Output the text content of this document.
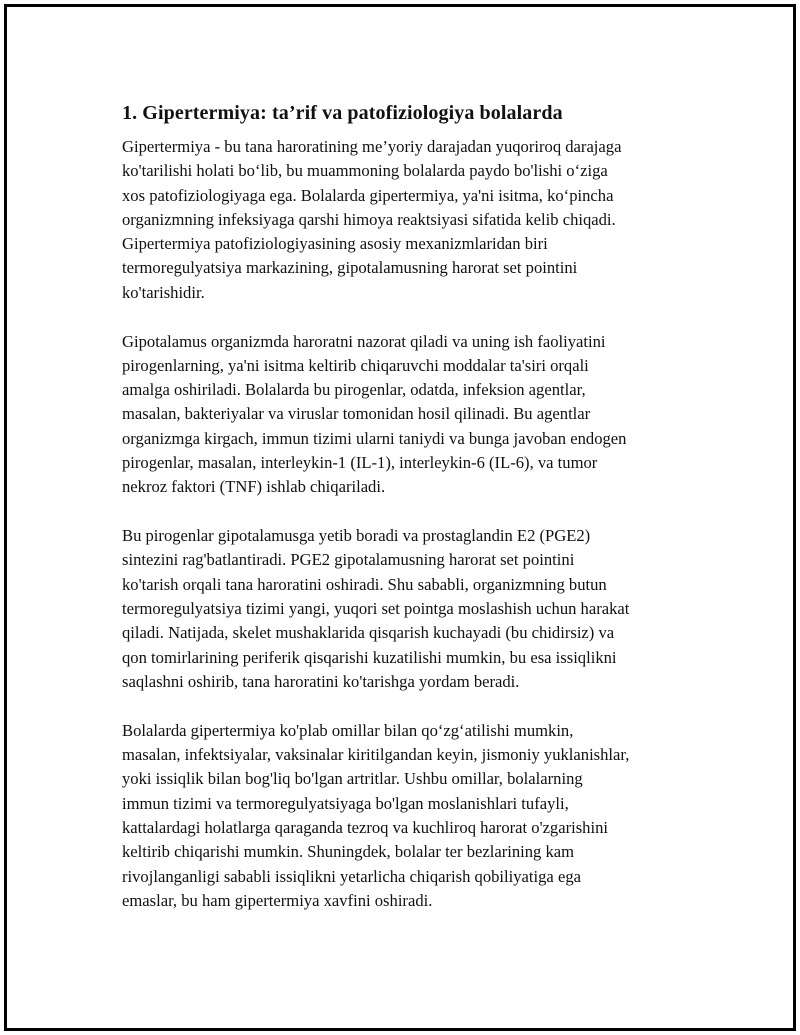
1. Gipertermiya: ta’rif va patofiziologiya bolalarda
Gipertermiya - bu tana haroratining me’yoriy darajadan yuqoriroq darajaga
ko'tarilishi holati bo‘lib, bu muammoning bolalarda paydo bo'lishi o‘ziga
xos patofiziologiyaga ega. Bolalarda gipertermiya, ya'ni isitma, ko‘pincha
organizmning infeksiyaga qarshi himoya reaktsiyasi sifatida kelib chiqadi.
Gipertermiya patofiziologiyasining asosiy mexanizmlaridan biri
termoregulyatsiya markazining, gipotalamusning harorat set pointini
ko'tarishidir.
Gipotalamus organizmda haroratni nazorat qiladi va uning ish faoliyatini
pirogenlarning, ya'ni isitma keltirib chiqaruvchi moddalar ta'siri orqali
amalga oshiriladi. Bolalarda bu pirogenlar, odatda, infeksion agentlar,
masalan, bakteriyalar va viruslar tomonidan hosil qilinadi. Bu agentlar
organizmga kirgach, immun tizimi ularni taniydi va bunga javoban endogen
pirogenlar, masalan, interleykin-1 (IL-1), interleykin-6 (IL-6), va tumor
nekroz faktori (TNF) ishlab chiqariladi.
Bu pirogenlar gipotalamusga yetib boradi va prostaglandin E2 (PGE2)
sintezini rag'batlantiradi. PGE2 gipotalamusning harorat set pointini
ko'tarish orqali tana haroratini oshiradi. Shu sababli, organizmning butun
termoregulyatsiya tizimi yangi, yuqori set pointga moslashish uchun harakat
qiladi. Natijada, skelet mushaklarida qisqarish kuchayadi (bu chidirsiz) va
qon tomirlarining periferik qisqarishi kuzatilishi mumkin, bu esa issiqlikni
saqlashni oshirib, tana haroratini ko'tarishga yordam beradi.
Bolalarda gipertermiya ko'plab omillar bilan qo‘zg‘atilishi mumkin,
masalan, infektsiyalar, vaksinalar kiritilgandan keyin, jismoniy yuklanishlar,
yoki issiqlik bilan bog'liq bo'lgan artritlar. Ushbu omillar, bolalarning
immun tizimi va termoregulyatsiyaga bo'lgan moslanishlari tufayli,
kattalardagi holatlarga qaraganda tezroq va kuchliroq harorat o'zgarishini
keltirib chiqarishi mumkin. Shuningdek, bolalar ter bezlarining kam
rivojlanganligi sababli issiqlikni yetarlicha chiqarish qobiliyatiga ega
emaslar, bu ham gipertermiya xavfini oshiradi.
